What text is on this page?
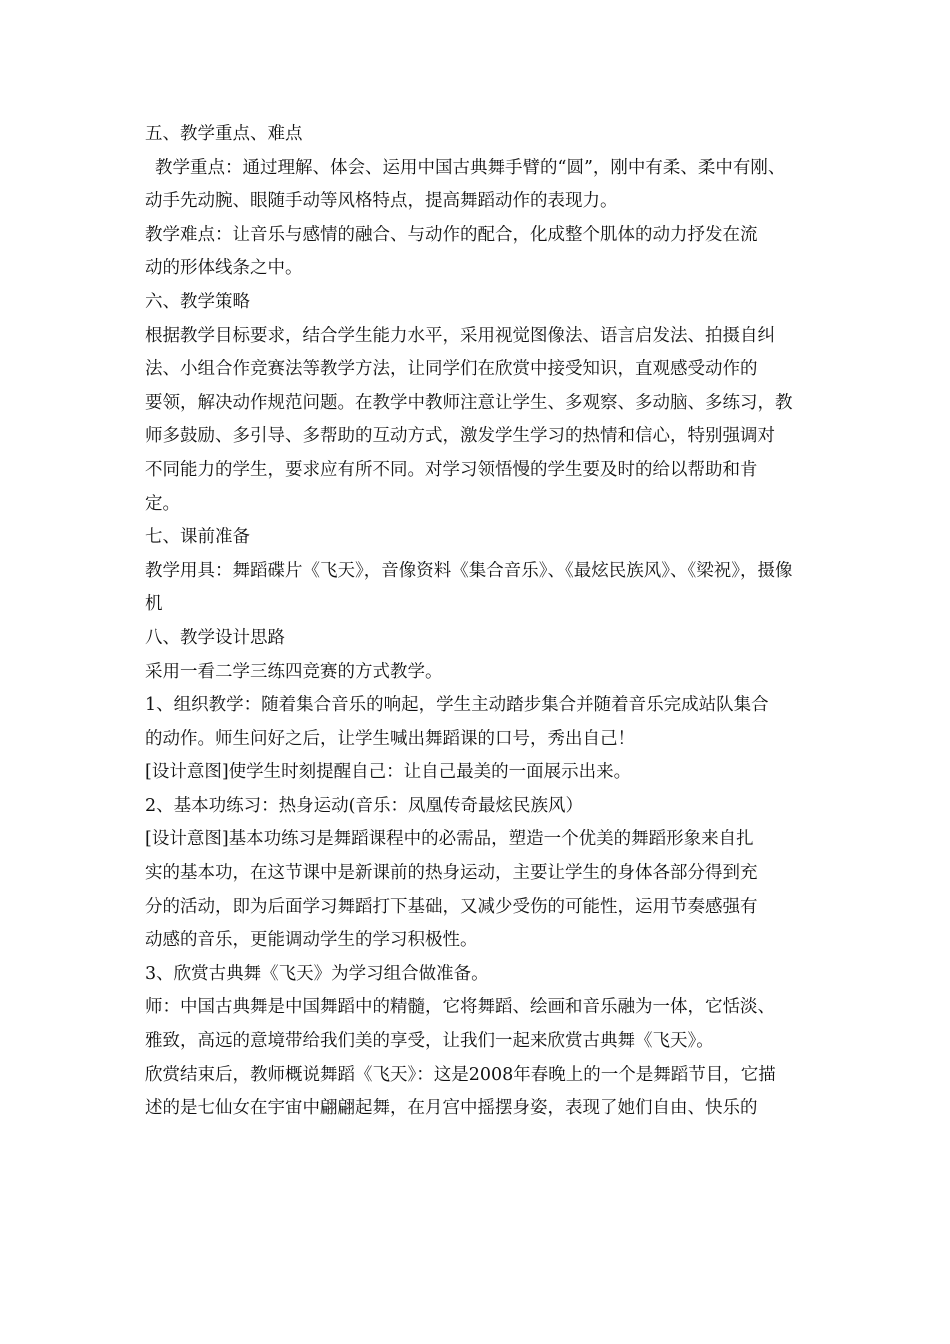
五、教学重点、难点
教学重点：通过理解、体会、运用中国古典舞手臂的“圆”，刚中有柔、柔中有刚、
动手先动腕、眼随手动等风格特点，提高舞蹈动作的表现力。
教学难点：让音乐与感情的融合、与动作的配合，化成整个肌体的动力抒发在流
动的形体线条之中。
六、教学策略
根据教学目标要求，结合学生能力水平，采用视觉图像法、语言启发法、拍摄自纠
法、小组合作竞赛法等教学方法，让同学们在欣赏中接受知识，直观感受动作的
要领，解决动作规范问题。在教学中教师注意让学生、多观察、多动脑、多练习，教
师多鼓励、多引导、多帮助的互动方式，激发学生学习的热情和信心，特别强调对
不同能力的学生，要求应有所不同。对学习领悟慢的学生要及时的给以帮助和肯
定。
七、课前准备
教学用具：舞蹈碟片《飞天》，音像资料《集合音乐》、《最炫民族风》、《梁祝》，摄像
机
八、教学设计思路
采用一看二学三练四竞赛的方式教学。
1、组织教学：随着集合音乐的响起，学生主动踏步集合并随着音乐完成站队集合
的动作。师生问好之后，让学生喊出舞蹈课的口号，秀出自己！
[设计意图]使学生时刻提醒自己：让自己最美的一面展示出来。
2、基本功练习：热身运动(音乐：凤凰传奇最炫民族风）
[设计意图]基本功练习是舞蹈课程中的必需品，塑造一个优美的舞蹈形象来自扎
实的基本功，在这节课中是新课前的热身运动，主要让学生的身体各部分得到充
分的活动，即为后面学习舞蹈打下基础，又减少受伤的可能性，运用节奏感强有
动感的音乐，更能调动学生的学习积极性。
3、欣赏古典舞《飞天》为学习组合做准备。
师：中国古典舞是中国舞蹈中的精髓，它将舞蹈、绘画和音乐融为一体，它恬淡、
雅致，高远的意境带给我们美的享受，让我们一起来欣赏古典舞《飞天》。
欣赏结束后，教师概说舞蹈《飞天》：这是2008年春晚上的一个是舞蹈节目，它描
述的是七仙女在宇宙中翩翩起舞，在月宫中摇摆身姿，表现了她们自由、快乐的
